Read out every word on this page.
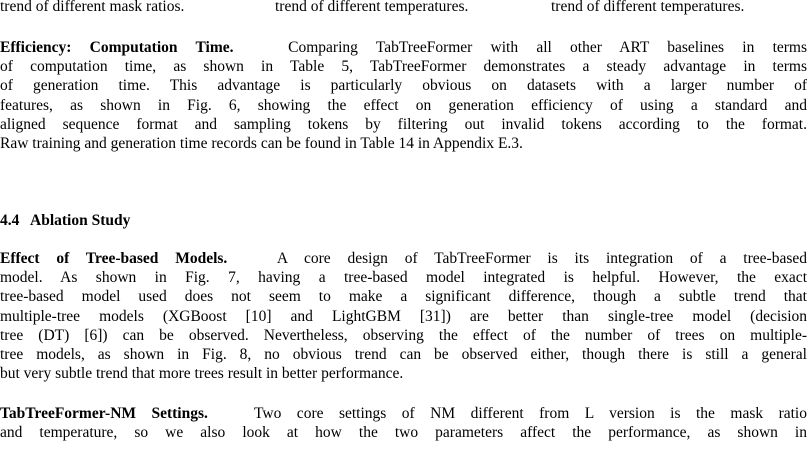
trend of different mask ratios.	trend of different temperatures.	trend of different temperatures.
Efficiency: Computation Time.	Comparing TabTreeFormer with all other ART baselines in terms
of computation time, as shown in Table 5, TabTreeFormer demonstrates a steady advantage in terms
of generation time. This advantage is particularly obvious on datasets with a larger number of
features, as shown in Fig. 6, showing the effect on generation efficiency of using a standard and
aligned sequence format and sampling tokens by filtering out invalid tokens according to the format.
Raw training and generation time records can be found in Table 14 in Appendix E.3.
4.4 Ablation Study
Effect of Tree-based Models.	A core design of TabTreeFormer is its integration of a tree-based
model. As shown in Fig. 7, having a tree-based model integrated is helpful. However, the exact
tree-based model used does not seem to make a significant difference, though a subtle trend that
multiple-tree models (XGBoost [10] and LightGBM [31]) are better than single-tree model (decision
tree (DT) [6]) can be observed. Nevertheless, observing the effect of the number of trees on multiple-
tree models, as shown in Fig. 8, no obvious trend can be observed either, though there is still a general
but very subtle trend that more trees result in better performance.
TabTreeFormer-NM Settings.	Two core settings of NM different from L version is the mask ratio
and temperature, so we also look at how the two parameters affect the performance, as shown in
